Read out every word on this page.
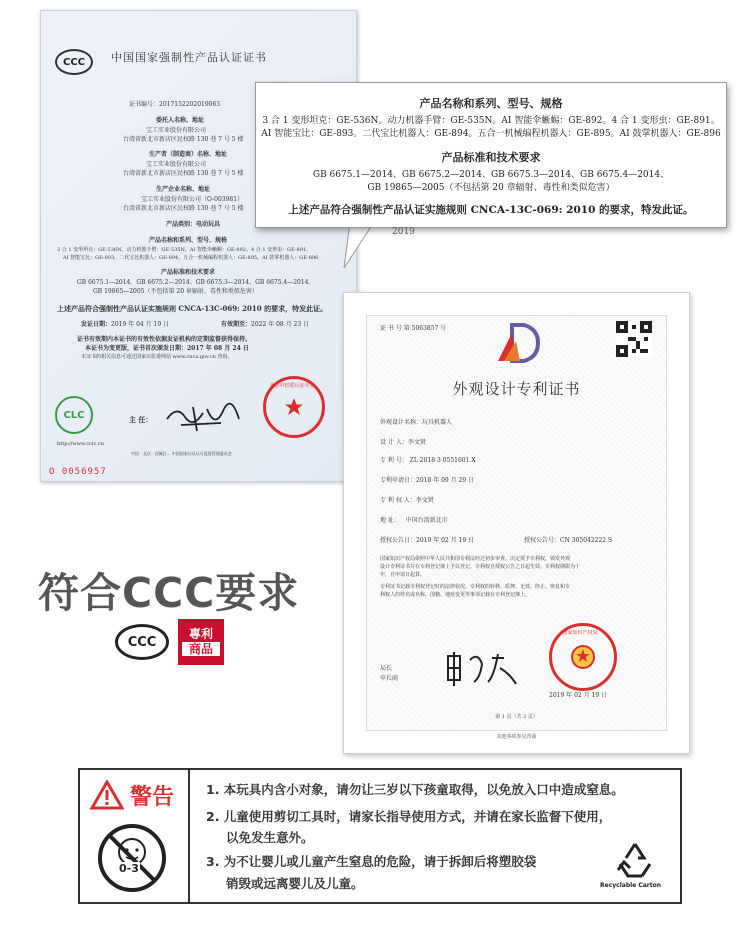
CCC 中国国家强制性产品认证证书
证书编号：2017152202019063
委托人名称、地址
宝工实业股份有限公司
台湾省新北市新店区民权路 130 巷 7 号 5 楼
生产者（制造商）名称、地址
宝工实业股份有限公司
台湾省新北市新店区民权路 130 巷 7 号 5 楼
生产企业名称、地址
宝工实业股份有限公司（O-003981）
台湾省新北市新店区民权路 130 巷 7 号 5 楼
产品类别：电动玩具
产品名称和系列、型号、规格
3 合 1 变形坦克：GE-536N。动力机器手臂：GE-535N。AI 智能伞蜥蜴：GE-892。4 合 1 变形虫：GE-891。
AI 智能宝比：GE-893。二代宝比机器人：GE-894。五合一机械编程机器人：GE-895。AI 鼓掌机器人：GE-896
产品标准和技术要求
GB 6675.1—2014、GB 6675.2—2014、GB 6675.3—2014、GB 6675.4—2014、
GB 19865—2005（不包括第 20 章辐射、毒性和类似危害）
上述产品符合强制性产品认证实施规则 CNCA-13C-069: 2010 的要求，特发此证。
发证日期：2019 年 04 月 19 日	有效期至：2022 年 08 月 23 日
证书有效期内本证书的有效性依据发证机构的定期监督获得保持。
本证书为变更版，证书首次颁发日期：2017 年 08 月 24 日
本证书的相关信息可通过国家认监委网站 www.cnca.gov.cn 查询。
CLC	主 任：
北京中轻联认证中心
http://www.ccic.cn
中国 · 北京 · 西城区... 中国国家认证认可监督管理委员会
O 0056957
产品名称和系列、型号、规格
3 合 1 变形坦克：GE-536N。动力机器手臂：GE-535N。AI 智能伞蜥蜴：GE-892。4 合 1 变形虫：GE-891。
AI 智能宝比：GE-893。二代宝比机器人：GE-894。五合一机械编程机器人：GE-895。AI 鼓掌机器人：GE-896
产品标准和技术要求
GB 6675.1—2014、GB 6675.2—2014、GB 6675.3—2014、GB 6675.4—2014、
GB 19865—2005（不包括第 20 章辐射、毒性和类似危害）
上述产品符合强制性产品认证实施规则 CNCA-13C-069: 2010 的要求，特发此证。
2019
证 书 号 第 5063857 号
外观设计专利证书
外观设计名称：玩具机器人
设 计 人：李文贤
专 利 号： ZL 2018 3 0551601.X
专利申请日：2018 年 09 月 29 日
专 利 权 人：李文贤
地 址： 中国台湾新北市
授权公告日：2019 年 02 月 19 日	授权公告号：CN 305042222 S
国家知识产权局依照中华人民共和国专利法经过初步审查，决定授予专利权，颁发外观
设计专利证书并在专利登记簿上予以登记。专利权自授权公告之日起生效。专利权期限为十
年，自申请日起算。
专利证书记载专利权登记时的法律状况。专利权的转移、质押、无效、终止、恢复和专
利权人的姓名或名称、国籍、地址变更等事项记载在专利登记簿上。
局长
申长雨
国家知识产权局
2019 年 02 月 19 日
第 1 页（共 2 页）
其他事项参见背面
符合CCC要求
CCC
專利
商品
警告
0-3
1. 本玩具内含小对象，请勿让三岁以下孩童取得，以免放入口中造成窒息。
2. 儿童使用剪切工具时，请家长指导使用方式，并请在家长监督下使用，
以免发生意外。
3. 为不让婴儿或儿童产生窒息的危险，请于拆卸后将塑胶袋
销毁或远离婴儿及儿童。	Recyclable Carton
